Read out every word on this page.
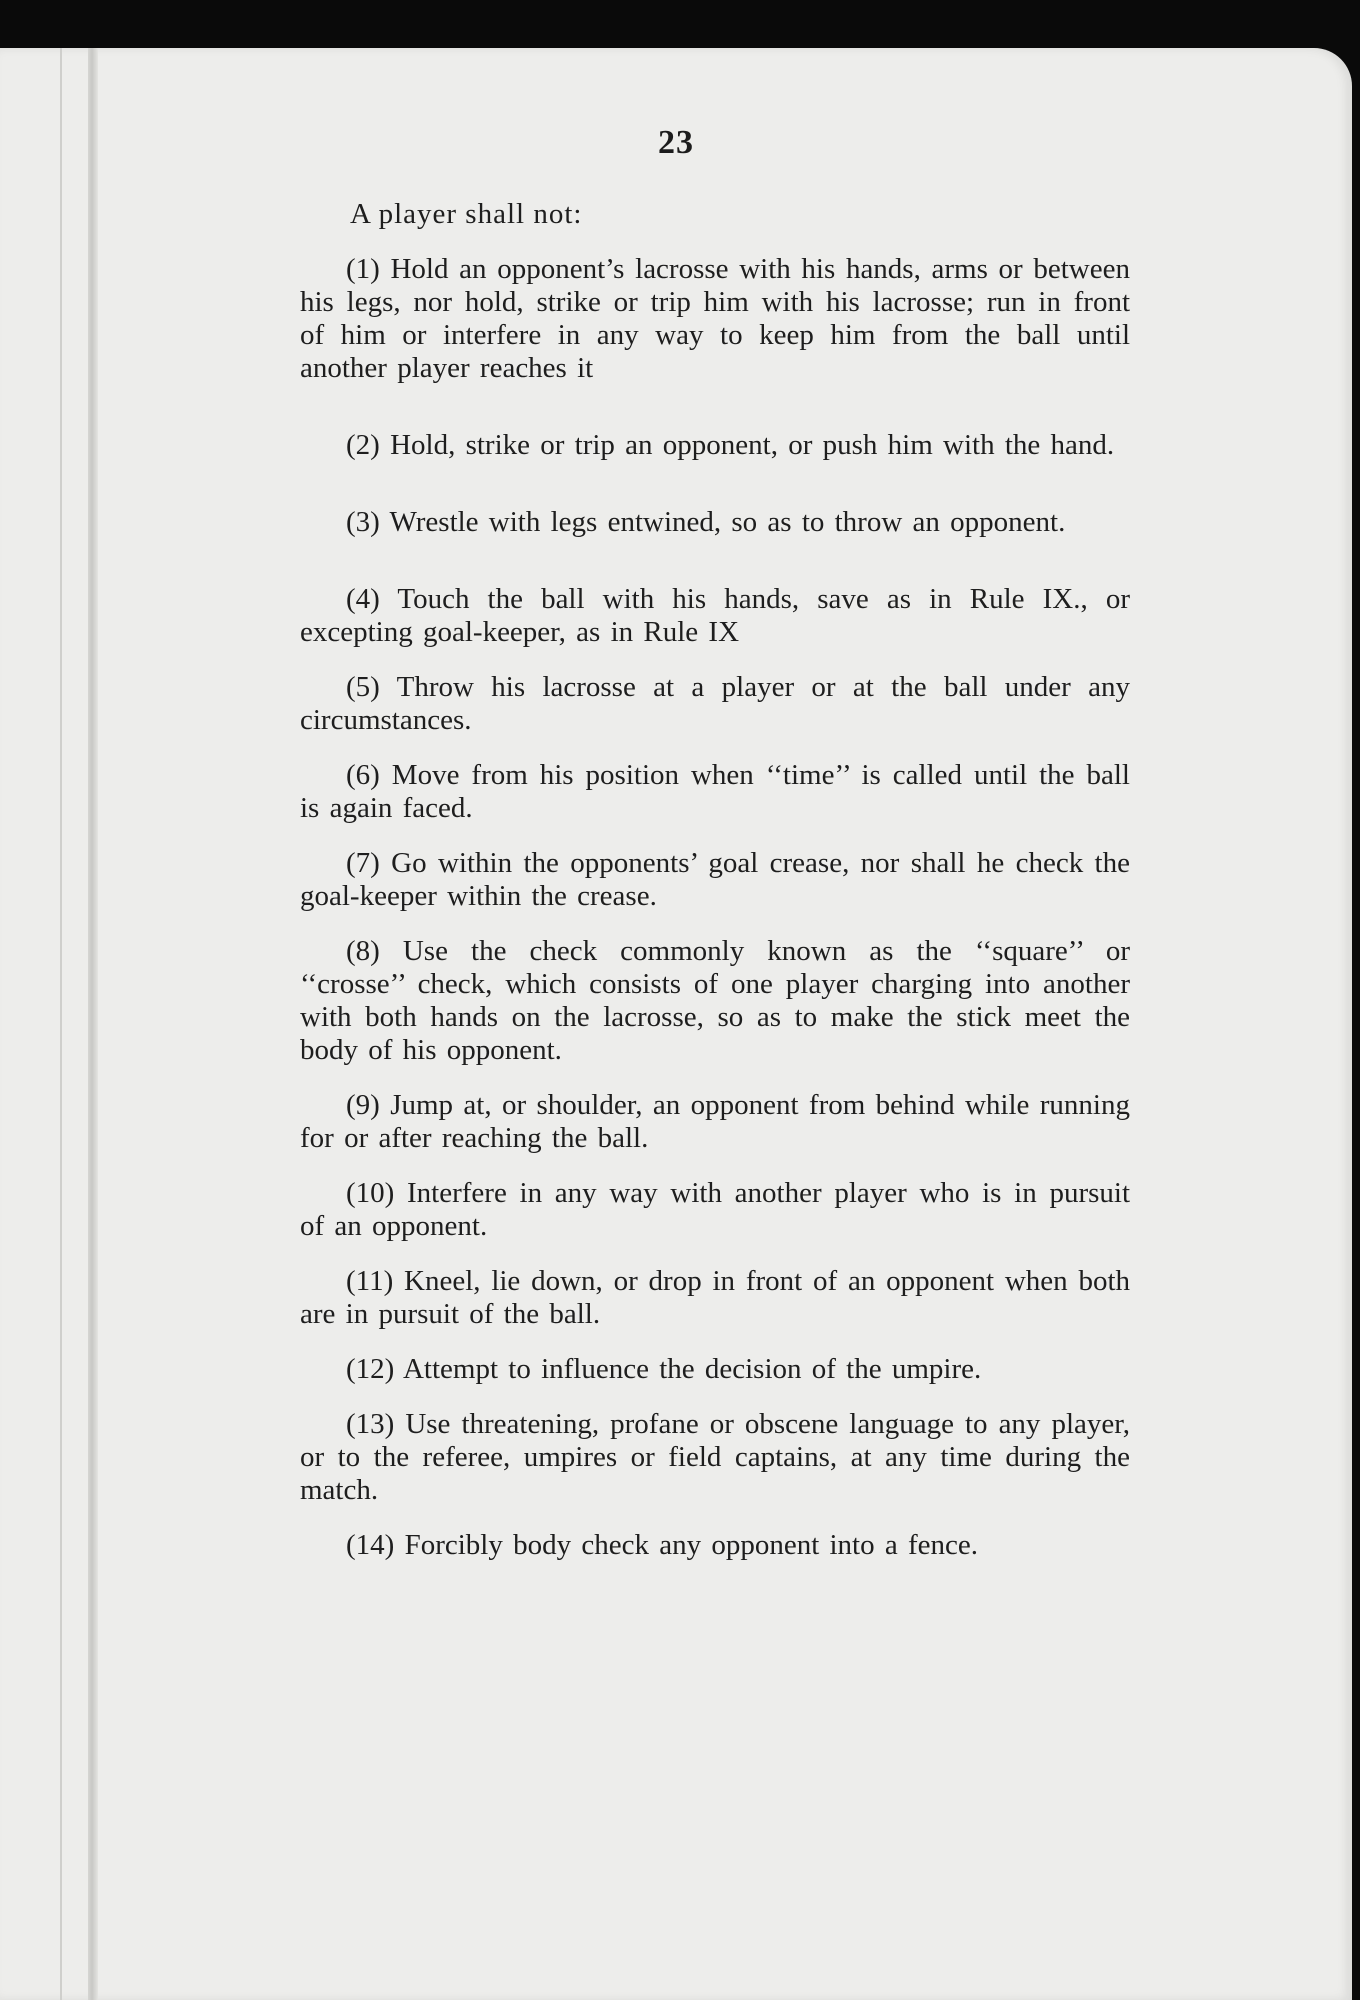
23

A player shall not:

(1) Hold an opponent’s lacrosse with his hands, arms or between his legs, nor hold, strike or trip him with his lacrosse; run in front of him or interfere in any way to keep him from the ball until another player reaches it

(2) Hold, strike or trip an opponent, or push him with the hand.

(3) Wrestle with legs entwined, so as to throw an opponent.

(4) Touch the ball with his hands, save as in Rule IX., or excepting goal-keeper, as in Rule IX

(5) Throw his lacrosse at a player or at the ball under any circumstances.

(6) Move from his position when ‘‘time’’ is called until the ball is again faced.

(7) Go within the opponents’ goal crease, nor shall he check the goal-keeper within the crease.

(8) Use the check commonly known as the ‘‘square’’ or ‘‘crosse’’ check, which consists of one player charging into another with both hands on the lacrosse, so as to make the stick meet the body of his opponent.

(9) Jump at, or shoulder, an opponent from behind while running for or after reaching the ball.

(10) Interfere in any way with another player who is in pursuit of an opponent.

(11) Kneel, lie down, or drop in front of an opponent when both are in pursuit of the ball.

(12) Attempt to influence the decision of the umpire.

(13) Use threatening, profane or obscene language to any player, or to the referee, umpires or field captains, at any time during the match.

(14) Forcibly body check any opponent into a fence.
